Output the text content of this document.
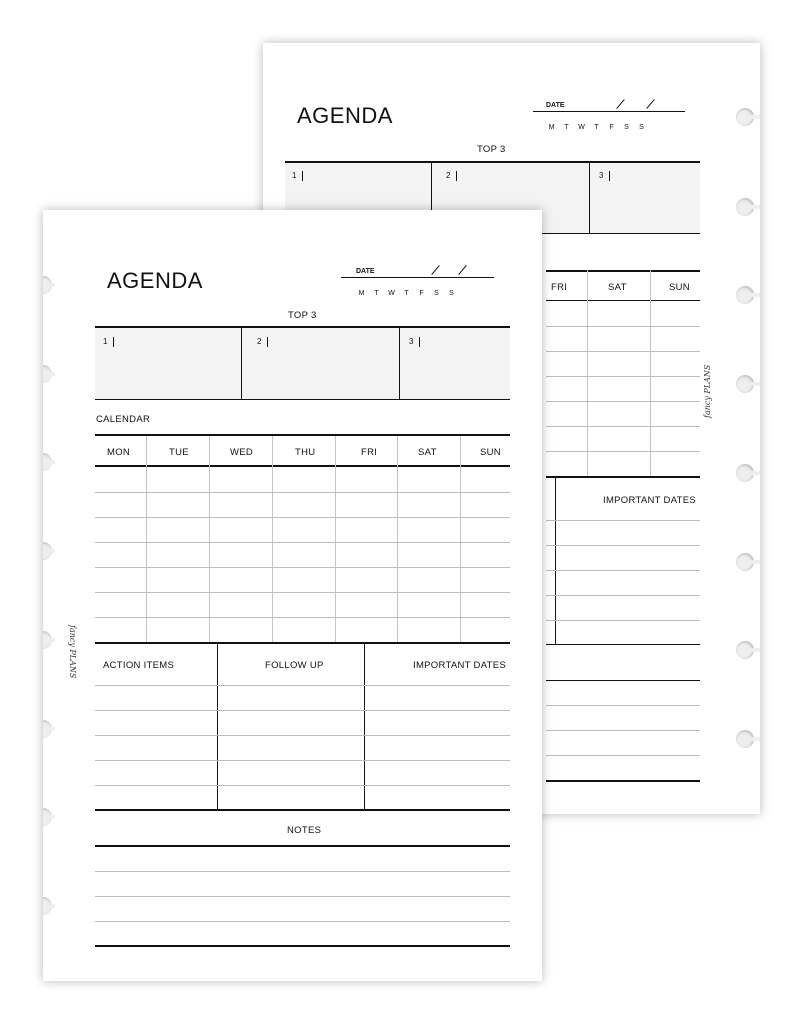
AGENDA	DATE
M T W T F S S
TOP 3
1	2	3
FRI	SAT	SUN
IMPORTANT DATES
fancy PLANS
AGENDA	DATE
M T W T F S S
TOP 3
1	2	3
CALENDAR
MON	TUE	WED	THU	FRI	SAT	SUN
ACTION ITEMS	FOLLOW UP	IMPORTANT DATES
NOTES
fancy PLANS
